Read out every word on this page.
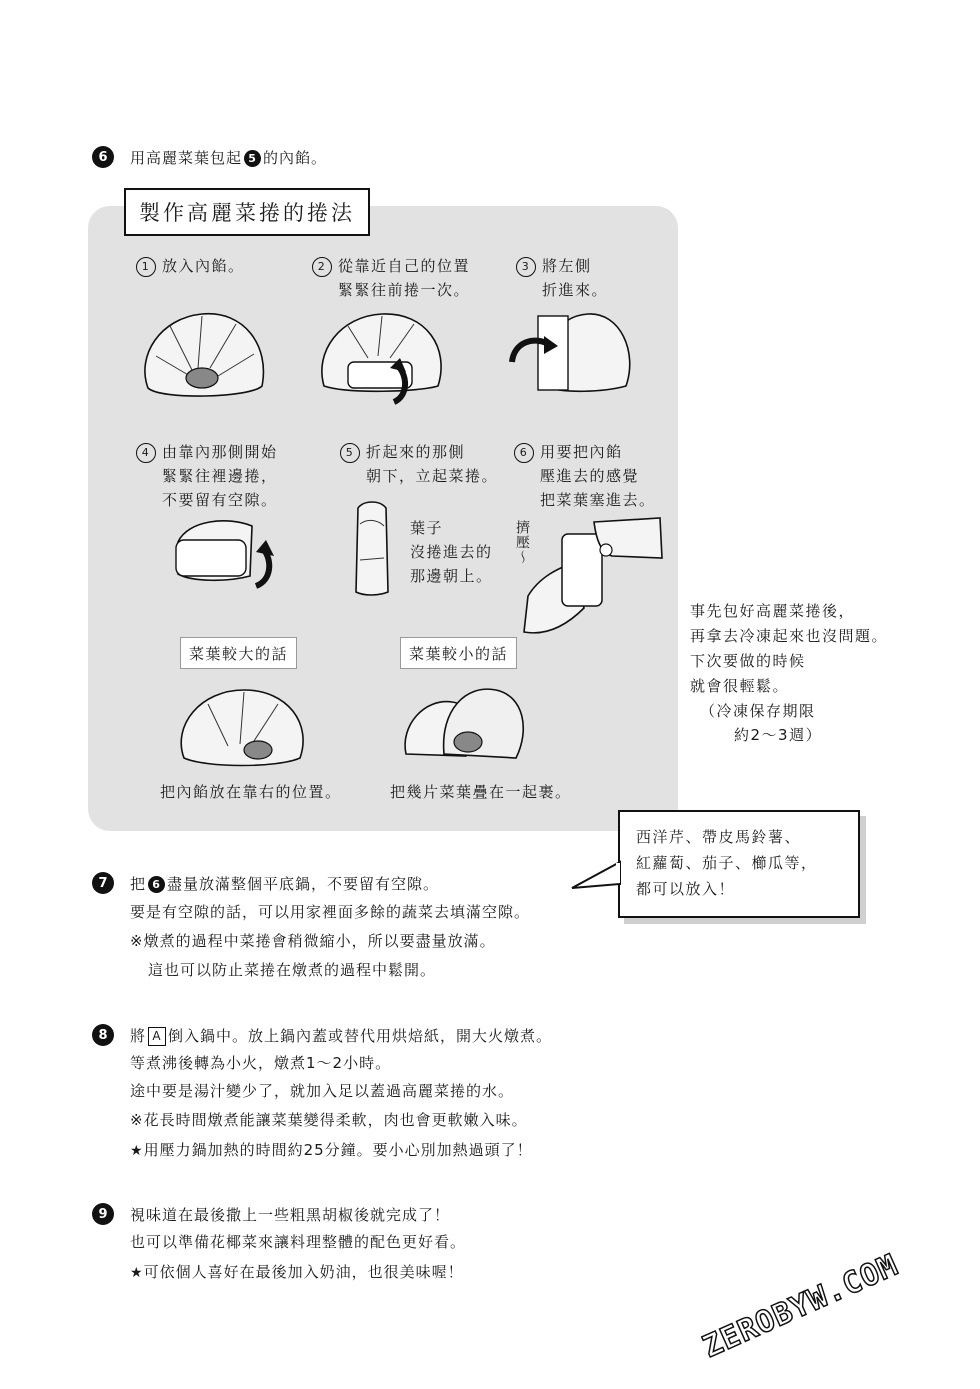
6	用高麗菜葉包起 5 的內餡。
製作高麗菜捲的捲法
1 放入內餡。	2 從靠近自己的位置
緊緊往前捲一次。
3 將左側
折進來。
4 由靠內那側開始
緊緊往裡邊捲，
不要留有空隙。
5 折起來的那側
朝下，立起菜捲。
6 用要把內餡
壓進去的感覺
把菜葉塞進去。
葉子
沒捲進去的
那邊朝上。
擠壓～
菜葉較大的話	菜葉較小的話
把內餡放在靠右的位置。	把幾片菜葉疊在一起裹。
事先包好高麗菜捲後，
再拿去冷凍起來也沒問題。
下次要做的時候
就會很輕鬆。
（冷凍保存期限
約2～3週）
西洋芹、帶皮馬鈴薯、
紅蘿蔔、茄子、櫛瓜等，
都可以放入！
7	把 6 盡量放滿整個平底鍋，不要留有空隙。
要是有空隙的話，可以用家裡面多餘的蔬菜去填滿空隙。
※燉煮的過程中菜捲會稍微縮小，所以要盡量放滿。
這也可以防止菜捲在燉煮的過程中鬆開。
8	將 A 倒入鍋中。放上鍋內蓋或替代用烘焙紙，開大火燉煮。
等煮沸後轉為小火，燉煮1～2小時。
途中要是湯汁變少了，就加入足以蓋過高麗菜捲的水。
※花長時間燉煮能讓菜葉變得柔軟，肉也會更軟嫩入味。
★用壓力鍋加熱的時間約25分鐘。要小心別加熱過頭了！
9	視味道在最後撒上一些粗黑胡椒後就完成了！
也可以準備花椰菜來讓料理整體的配色更好看。
★可依個人喜好在最後加入奶油，也很美味喔！	ZEROBYW.COM
